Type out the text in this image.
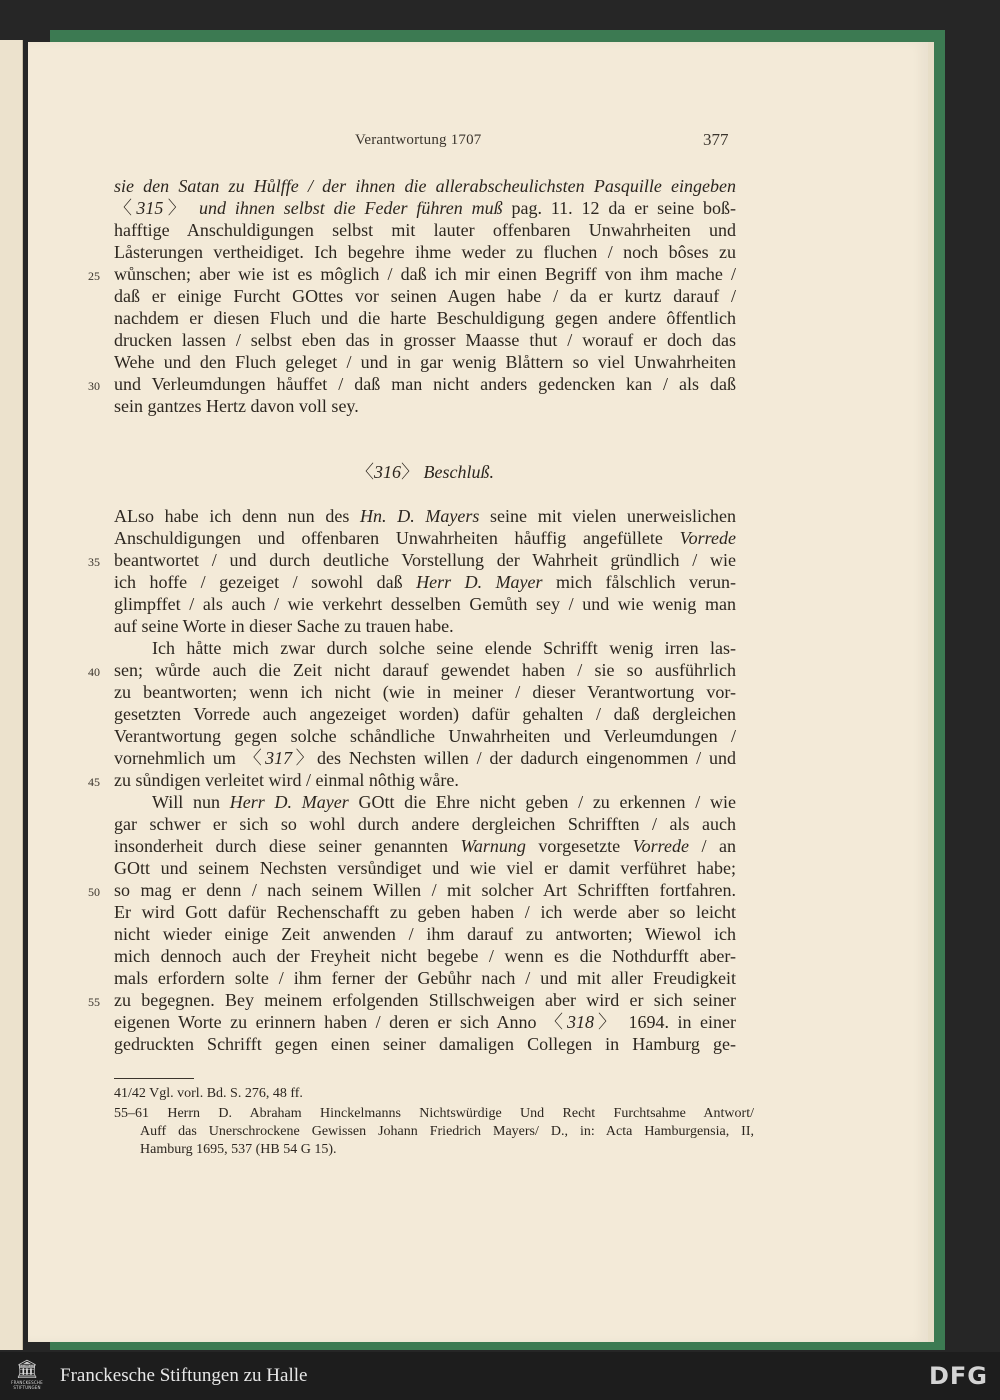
Verantwortung 1707	377
sie den Satan zu Hůlffe / der ihnen die allerabscheulichsten Pasquille eingeben
〈315〉 und ihnen selbst die Feder führen muß pag. 11. 12 da er seine boß-
hafftige Anschuldigungen selbst mit lauter offenbaren Unwahrheiten und
Låsterungen vertheidiget. Ich begehre ihme weder zu fluchen / noch bôses zu
wůnschen; aber wie ist es môglich / daß ich mir einen Begriff von ihm mache /
daß er einige Furcht GOttes vor seinen Augen habe / da er kurtz darauf /
nachdem er diesen Fluch und die harte Beschuldigung gegen andere ôffentlich
drucken lassen / selbst eben das in grosser Maasse thut / worauf er doch das
Wehe und den Fluch geleget / und in gar wenig Blåttern so viel Unwahrheiten
und Verleumdungen håuffet / daß man nicht anders gedencken kan / als daß
sein gantzes Hertz davon voll sey.
〈316〉 Beschluß.
ALso habe ich denn nun des Hn. D. Mayers seine mit vielen unerweislichen
Anschuldigungen und offenbaren Unwahrheiten håuffig angefüllete Vorrede
beantwortet / und durch deutliche Vorstellung der Wahrheit gründlich / wie
ich hoffe / gezeiget / sowohl daß Herr D. Mayer mich fålschlich verun-
glimpffet / als auch / wie verkehrt desselben Gemůth sey / und wie wenig man
auf seine Worte in dieser Sache zu trauen habe.
Ich håtte mich zwar durch solche seine elende Schrifft wenig irren las-
sen; wůrde auch die Zeit nicht darauf gewendet haben / sie so ausführlich
zu beantworten; wenn ich nicht (wie in meiner / dieser Verantwortung vor-
gesetzten Vorrede auch angezeiget worden) dafür gehalten / daß dergleichen
Verantwortung gegen solche schåndliche Unwahrheiten und Verleumdungen /
vornehmlich um 〈317〉des Nechsten willen / der dadurch eingenommen / und
zu sůndigen verleitet wird / einmal nôthig wåre.
Will nun Herr D. Mayer GOtt die Ehre nicht geben / zu erkennen / wie
gar schwer er sich so wohl durch andere dergleichen Schrifften / als auch
insonderheit durch diese seiner genannten Warnung vorgesetzte Vorrede / an
GOtt und seinem Nechsten versůndiget und wie viel er damit verführet habe;
so mag er denn / nach seinem Willen / mit solcher Art Schrifften fortfahren.
Er wird Gott dafür Rechenschafft zu geben haben / ich werde aber so leicht
nicht wieder einige Zeit anwenden / ihm darauf zu antworten; Wiewol ich
mich dennoch auch der Freyheit nicht begebe / wenn es die Nothdurfft aber-
mals erfordern solte / ihm ferner der Gebůhr nach / und mit aller Freudigkeit
zu begegnen. Bey meinem erfolgenden Stillschweigen aber wird er sich seiner
eigenen Worte zu erinnern haben / deren er sich Anno 〈318〉 1694. in einer
gedruckten Schrifft gegen einen seiner damaligen Collegen in Hamburg ge-
25
30
35
40
45
50
55
41/42 Vgl. vorl. Bd. S. 276, 48 ff.
55–61 Herrn D. Abraham Hinckelmanns Nichtswürdige Und Recht Furchtsahme Antwort/
Auff das Unerschrockene Gewissen Johann Friedrich Mayers/ D., in: Acta Hamburgensia, II,
Hamburg 1695, 537 (HB 54 G 15).
🏛
FRANCKESCHE STIFTUNGEN
Franckesche Stiftungen zu Halle	DFG
